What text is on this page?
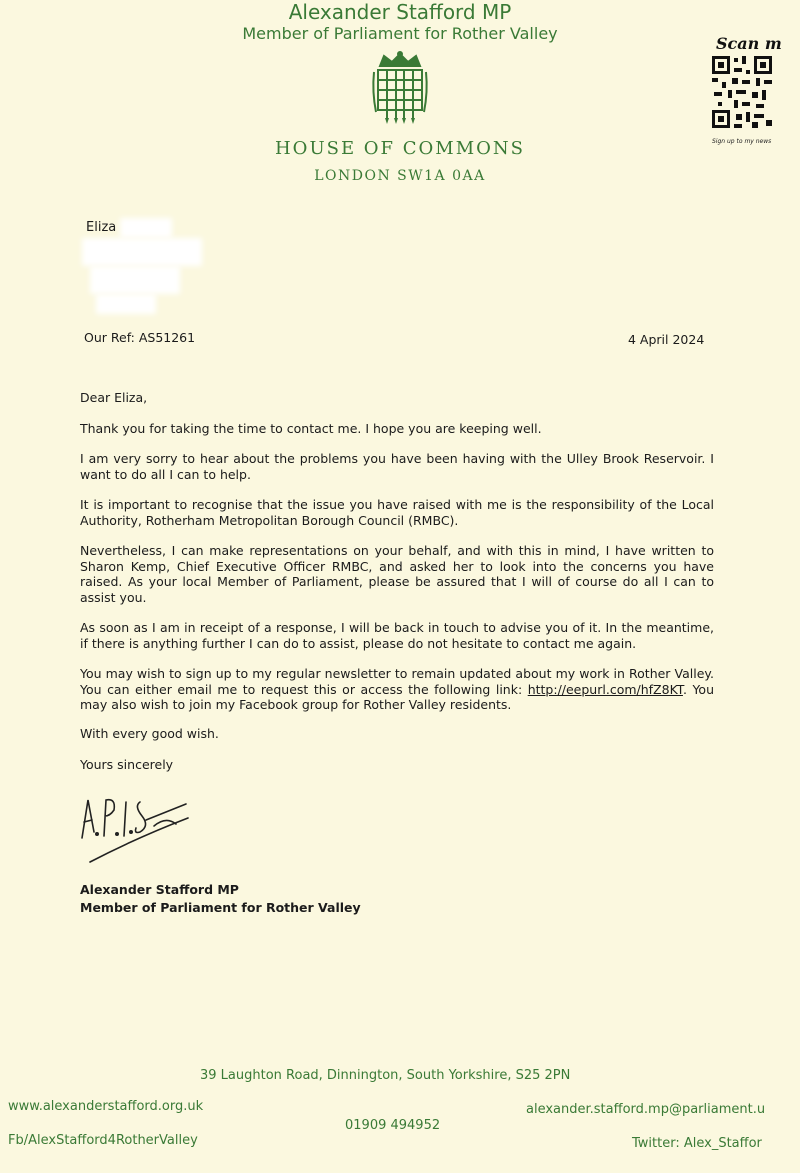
Alexander Stafford MP
Member of Parliament for Rother Valley
HOUSE OF COMMONS
LONDON SW1A 0AA
Scan m
Sign up to my news
Eliza
Our Ref: AS51261	4 April 2024

Dear Eliza,

Thank you for taking the time to contact me. I hope you are keeping well.

I am very sorry to hear about the problems you have been having with the Ulley Brook Reservoir. I want to do all I can to help.

It is important to recognise that the issue you have raised with me is the responsibility of the Local Authority, Rotherham Metropolitan Borough Council (RMBC).

Nevertheless, I can make representations on your behalf, and with this in mind, I have written to Sharon Kemp, Chief Executive Officer RMBC, and asked her to look into the concerns you have raised. As your local Member of Parliament, please be assured that I will of course do all I can to assist you.

As soon as I am in receipt of a response, I will be back in touch to advise you of it. In the meantime, if there is anything further I can do to assist, please do not hesitate to contact me again.

You may wish to sign up to my regular newsletter to remain updated about my work in Rother Valley. You can either email me to request this or access the following link: http://eepurl.com/hfZ8KT. You may also wish to join my Facebook group for Rother Valley residents.

With every good wish.
Yours sincerely
Alexander Stafford MP
Member of Parliament for Rother Valley
39 Laughton Road, Dinnington, South Yorkshire, S25 2PN
www.alexanderstafford.org.uk	alexander.stafford.mp@parliament.u
01909 494952
Fb/AlexStafford4RotherValley	Twitter: Alex_Staffor
